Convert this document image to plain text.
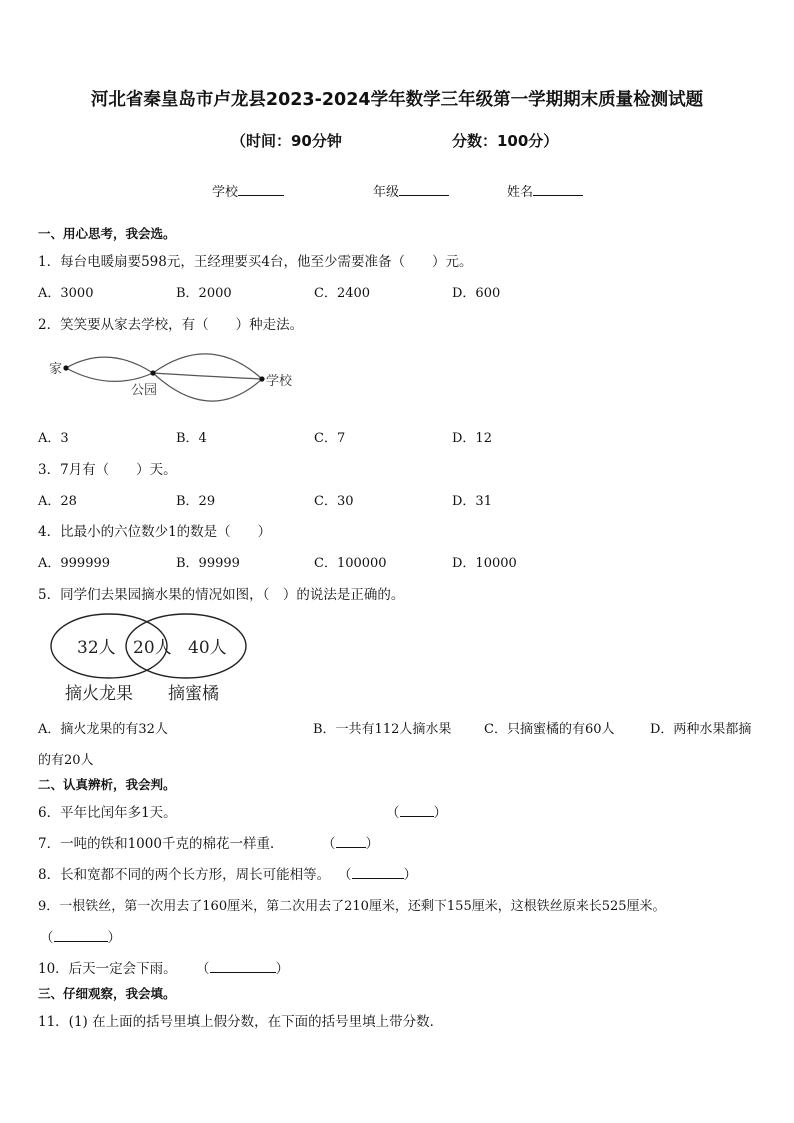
河北省秦皇岛市卢龙县2023-2024学年数学三年级第一学期期末质量检测试题
（时间：90分钟	分数：100分）
学校	年级	姓名
一、用心思考，我会选。
1．每台电暖扇要598元，王经理要买4台，他至少需要准备（　　）元。
A．3000	B．2000	C．2400	D．600
2．笑笑要从家去学校，有（　　）种走法。
家
公园
学校
A．3	B．4	C．7	D．12
3．7月有（　　）天。
A．28	B．29	C．30	D．31
4．比最小的六位数少1的数是（　　）
A．999999	B．99999	C．100000	D．10000
5．同学们去果园摘水果的情况如图，（　）的说法是正确的。
32人 20人 40人
摘火龙果 摘蜜橘
A．摘火龙果的有32人	B．一共有112人摘水果	C．只摘蜜橘的有60人	D．两种水果都摘
的有20人
二、认真辨析，我会判。
6．平年比闰年多1天。	（	）
7．一吨的铁和1000千克的棉花一样重．	（ ）
8．长和宽都不同的两个长方形，周长可能相等。 （	）
9．一根铁丝，第一次用去了160厘米，第二次用去了210厘米，还剩下155厘米，这根铁丝原来长525厘米。
（	）
10．后天一定会下雨。 （	）
三、仔细观察，我会填。
11．(1) 在上面的括号里填上假分数，在下面的括号里填上带分数．
